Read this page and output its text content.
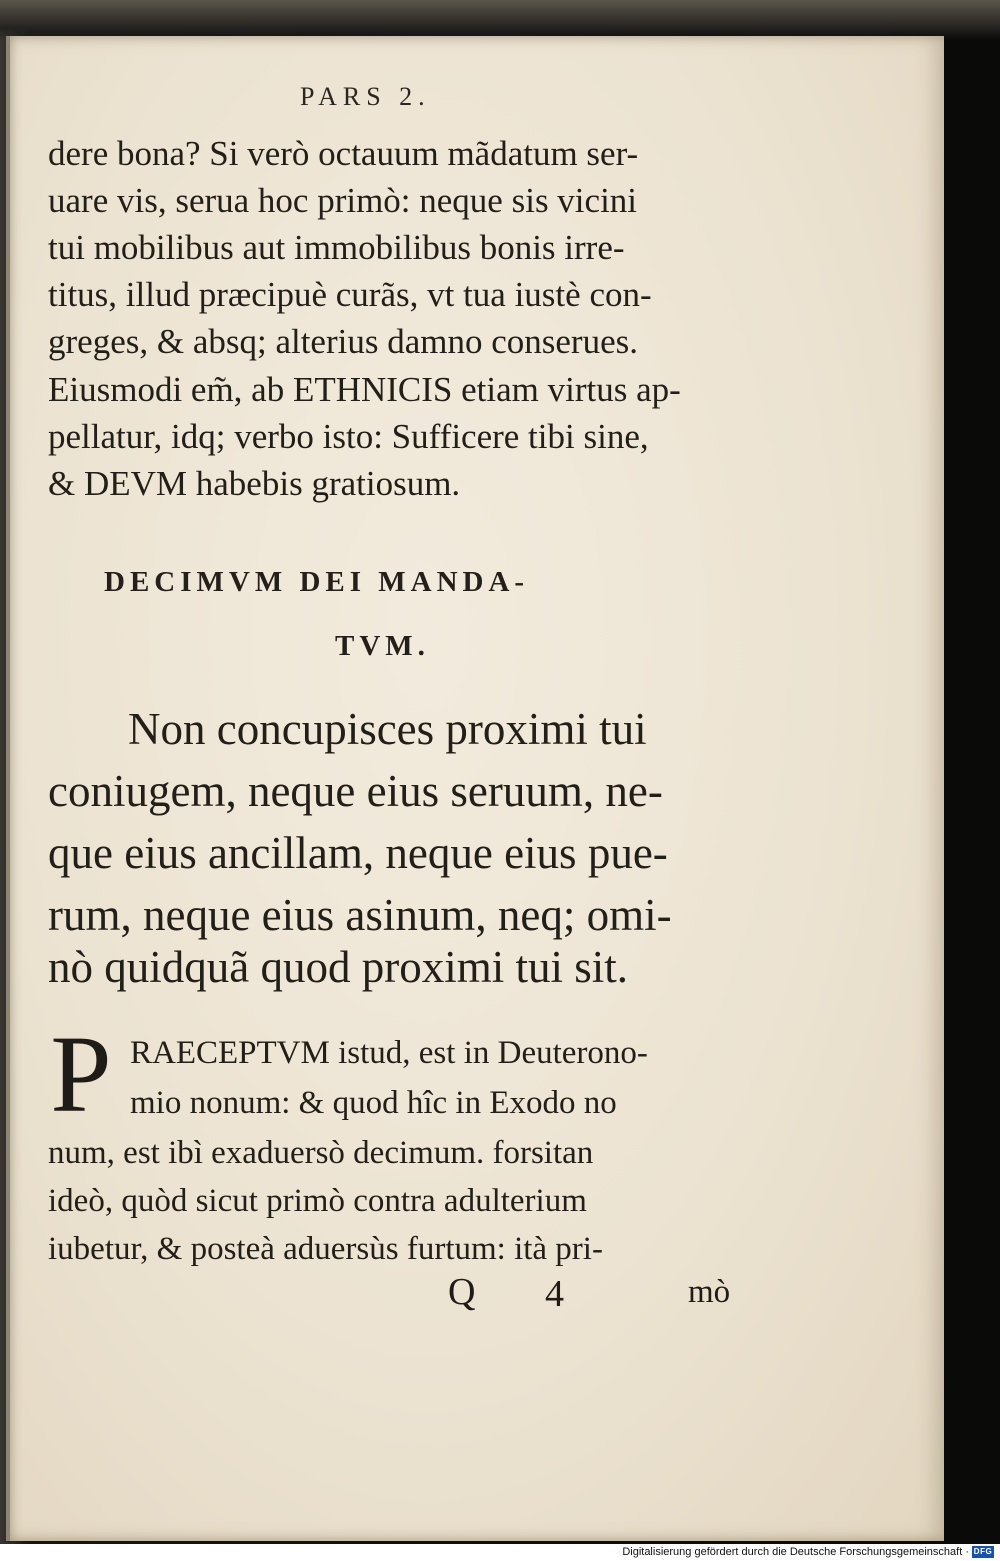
PARS 2.
dere bona? Si verò octauum mãdatum ser-
uare vis, serua hoc primò: neque sis vicini
tui mobilibus aut immobilibus bonis irre-
titus, illud præcipuè curãs, vt tua iustè con-
greges, & absq; alterius damno conserues.
Eiusmodi em̃, ab ETHNICIS etiam virtus ap-
pellatur, idq; verbo isto: Sufficere tibi sine,
& DEVM habebis gratiosum.
DECIMVM DEI MANDA-
TVM.
Non concupisces proximi tui
coniugem, neque eius seruum, ne-
que eius ancillam, neque eius pue-
rum, neque eius asinum, neq; omi-
nò quidquã quod proximi tui sit.
P RAECEPTVM istud, est in Deuterono-
mio nonum: & quod hîc in Exodo no
num, est ibì exaduersò decimum. forsitan
ideò, quòd sicut primò contra adulterium
iubetur, & posteà aduersùs furtum: ità pri-
Q 4	mò
Digitalisierung gefördert durch die Deutsche Forschungsgemeinschaft · DFG
